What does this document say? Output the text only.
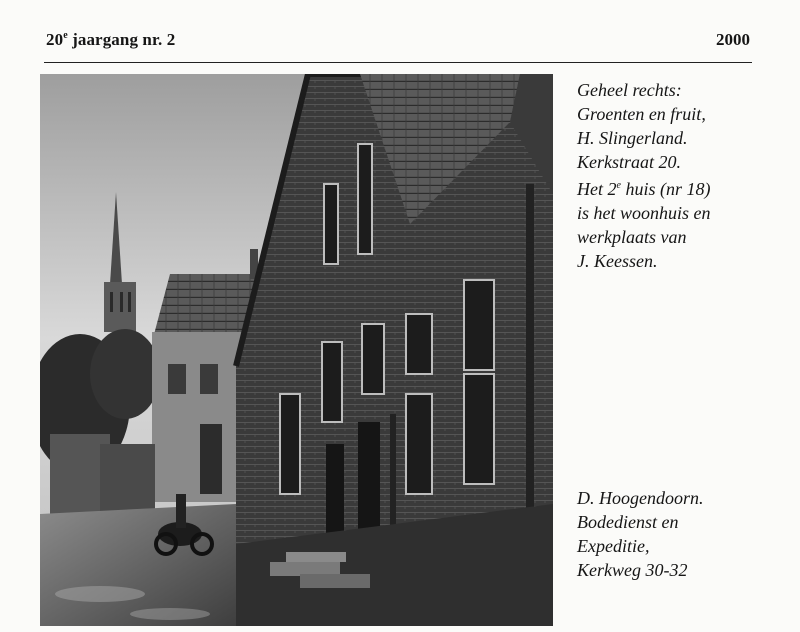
20e jaargang nr. 2	2000
Geheel rechts:
Groenten en fruit,
H. Slingerland.
Kerkstraat 20.
Het 2e huis (nr 18)
is het woonhuis en
werkplaats van
J. Keessen.
D. Hoogendoorn.
Bodedienst en
Expeditie,
Kerkweg 30-32
